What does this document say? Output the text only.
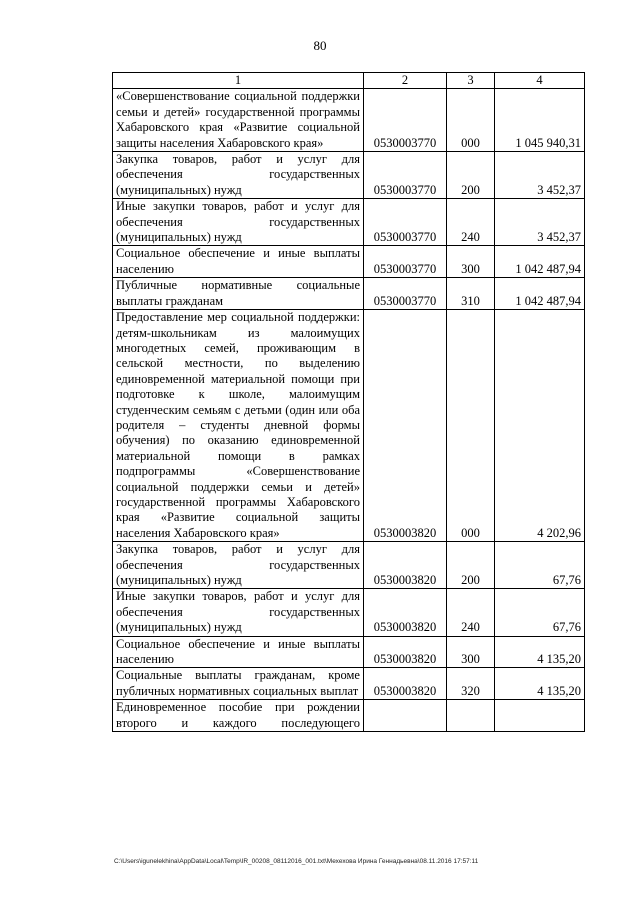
80
1	2	3	4
«Совершенствование социальной поддержки семьи и детей» государственной программы Хабаровского края «Развитие социальной защиты населения Хабаровского края»	0530003770	000	1 045 940,31
Закупка товаров, работ и услуг для обеспечения государственных (муниципальных) нужд	0530003770	200	3 452,37
Иные закупки товаров, работ и услуг для обеспечения государственных (муниципальных) нужд	0530003770	240	3 452,37
Социальное обеспечение и иные выплаты населению	0530003770	300	1 042 487,94
Публичные нормативные социальные выплаты гражданам	0530003770	310	1 042 487,94
Предоставление мер социальной поддержки: детям-школьникам из малоимущих многодетных семей, проживающим в сельской местности, по выделению единовременной материальной помощи при подготовке к школе, малоимущим студенческим семьям с детьми (один или оба родителя – студенты дневной формы обучения) по оказанию единовременной материальной помощи в рамках подпрограммы «Совершенствование социальной поддержки семьи и детей» государственной программы Хабаровского края «Развитие социальной защиты населения Хабаровского края»	0530003820	000	4 202,96
Закупка товаров, работ и услуг для обеспечения государственных (муниципальных) нужд	0530003820	200	67,76
Иные закупки товаров, работ и услуг для обеспечения государственных (муниципальных) нужд	0530003820	240	67,76
Социальное обеспечение и иные выплаты населению	0530003820	300	4 135,20
Социальные выплаты гражданам, кроме публичных нормативных социальных выплат	0530003820	320	4 135,20
Единовременное пособие при рождении второго и каждого последующего			
C:\Users\igunelekhina\AppData\Local\Temp\IR_00208_08112016_001.txt\Мехехова Ирина Геннадьевна\08.11.2016 17:57:11
